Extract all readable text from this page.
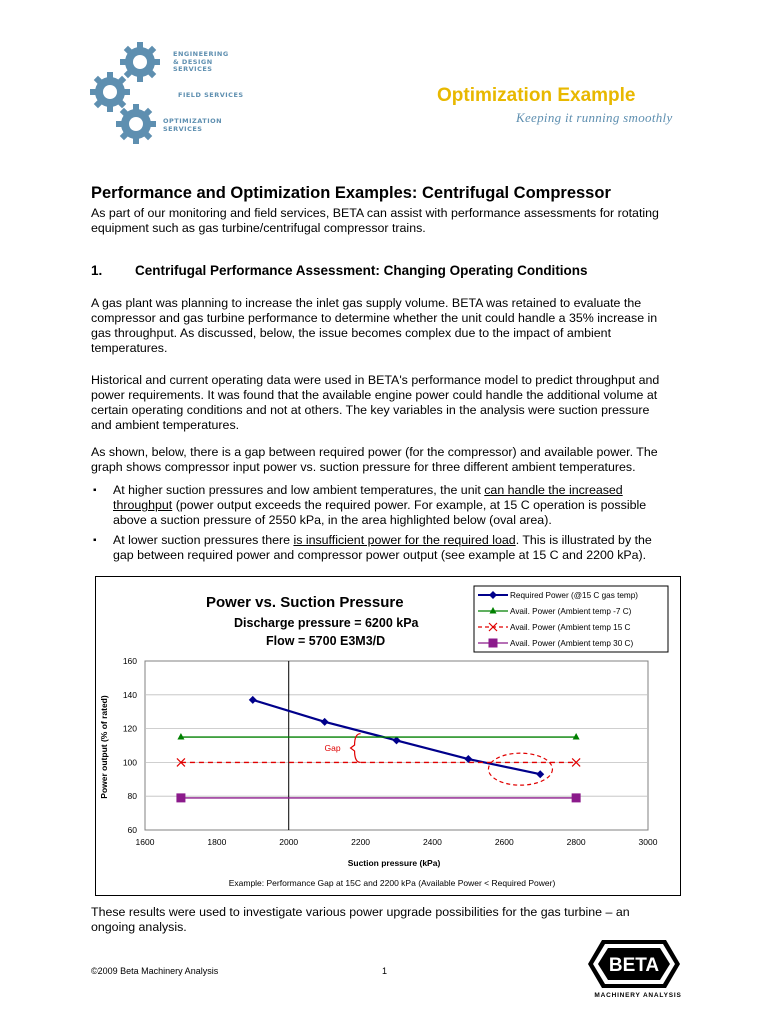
ENGINEERING
& DESIGN
SERVICES
FIELD SERVICES
OPTIMIZATION
SERVICES
Optimization Example
Keeping it running smoothly
Performance and Optimization Examples: Centrifugal Compressor
As part of our monitoring and field services, BETA can assist with performance assessments for rotating
equipment such as gas turbine/centrifugal compressor trains.
1. Centrifugal Performance Assessment: Changing Operating Conditions
A gas plant was planning to increase the inlet gas supply volume. BETA was retained to evaluate the
compressor and gas turbine performance to determine whether the unit could handle a 35% increase in
gas throughput. As discussed, below, the issue becomes complex due to the impact of ambient
temperatures.
Historical and current operating data were used in BETA's performance model to predict throughput and
power requirements. It was found that the available engine power could handle the additional volume at
certain operating conditions and not at others. The key variables in the analysis were suction pressure
and ambient temperatures.
As shown, below, there is a gap between required power (for the compressor) and available power. The
graph shows compressor input power vs. suction pressure for three different ambient temperatures.
▪ At higher suction pressures and low ambient temperatures, the unit can handle the increased
throughput (power output exceeds the required power. For example, at 15 C operation is possible
above a suction pressure of 2550 kPa, in the area highlighted below (oval area).
▪ At lower suction pressures there is insufficient power for the required load. This is illustrated by the
gap between required power and compressor power output (see example at 15 C and 2200 kPa).
Power vs. Suction Pressure
Discharge pressure = 6200 kPa
Flow = 5700 E3M3/D
Required Power (@15 C gas temp)
Avail. Power (Ambient temp -7 C)
Avail. Power (Ambient temp 15 C
Avail. Power (Ambient temp 30 C)
60
80
100
120
140
160
1600	1800	2000	2200	2400	2600	2800	3000
Gap
Suction pressure (kPa)
Power output (% of rated)
Example: Performance Gap at 15C and 2200 kPa (Available Power < Required Power)
These results were used to investigate various power upgrade possibilities for the gas turbine – an
ongoing analysis.
©2009 Beta Machinery Analysis	1	BETA
MACHINERY ANALYSIS
